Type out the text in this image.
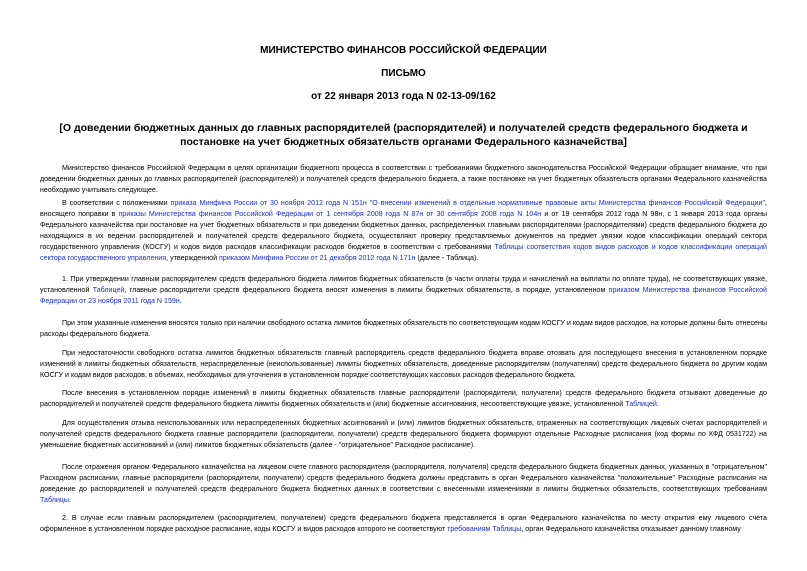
МИНИСТЕРСТВО ФИНАНСОВ РОССИЙСКОЙ ФЕДЕРАЦИИ
ПИСЬМО
от 22 января 2013 года N 02-13-09/162
[О доведении бюджетных данных до главных распорядителей (распорядителей) и получателей средств федерального бюджета и постановке на учет бюджетных обязательств органами Федерального казначейства]
Министерство финансов Российской Федерации в целях организации бюджетного процесса в соответствии с требованиями бюджетного законодательства Российской Федерации обращает внимание, что при доведении бюджетных данных до главных распорядителей (распорядителей) и получателей средств федерального бюджета, а также постановке на учет бюджетных обязательств органами Федерального казначейства необходимо учитывать следующее.
В соответствии с положениями приказа Минфина России от 30 ноября 2012 года N 151н "О внесении изменений в отдельные нормативные правовые акты Министерства финансов Российской Федерации", вносящего поправки в приказы Министерства финансов Российской Федерации от 1 сентября 2008 года N 87н от 30 сентября 2008 года N 104н и от 19 сентября 2012 года N 98н, с 1 января 2013 года органы Федерального казначейства при постановке на учет бюджетных обязательств и при доведении бюджетных данных, распределенных главными распорядителями (распорядителями) средств федерального бюджета до находящихся в их ведении распорядителей и получателей средств федерального бюджета, осуществляют проверку представляемых документов на предмет увязки кодов классификации операций сектора государственного управления (КОСГУ) и кодов видов расходов классификации расходов бюджетов в соответствии с требованиями Таблицы соответствия кодов видов расходов и кодов классификации операций сектора государственного управления, утвержденной приказом Минфина России от 21 декабря 2012 года N 171н (далее - Таблица).
1. При утверждении главным распорядителем средств федерального бюджета лимитов бюджетных обязательств (в части оплаты труда и начислений на выплаты по оплате труда), не соответствующих увязке, установленной Таблицей, главные распорядители средств федерального бюджета вносят изменения в лимиты бюджетных обязательств, в порядке, установленном приказом Министерства финансов Российской Федерации от 23 ноября 2011 года N 159н.
При этом указанные изменения вносятся только при наличии свободного остатка лимитов бюджетных обязательств по соответствующим кодам КОСГУ и кодам видов расходов, на которые должны быть отнесены расходы федерального бюджета.
При недостаточности свободного остатка лимитов бюджетных обязательств главный распорядитель средств федерального бюджета вправе отозвать для последующего внесения в установленном порядке изменений в лимиты бюджетных обязательств, нераспределенные (неиспользованные) лимиты бюджетных обязательств, доведенные распорядителям (получателям) средств федерального бюджета по другим кодам КОСГУ и кодам видов расходов, в объемах, необходимых для уточнения в установленном порядке соответствующих кассовых расходов федерального бюджета.
После внесения в установленном порядке изменений в лимиты бюджетных обязательств главные распорядители (распорядители, получатели) средств федерального бюджета отзывают доведенные до распорядителей и получателей средств федерального бюджета лимиты бюджетных обязательств и (или) бюджетные ассигнования, несоответствующие увязке, установленной Таблицей.
Для осуществления отзыва неиспользованных или нераспределенных бюджетных ассигнований и (или) лимитов бюджетных обязательств, отраженных на соответствующих лицевых счетах распорядителей и получателей средств федерального бюджета главные распорядители (распорядители, получатели) средств федерального бюджета формируют отдельные Расходные расписания (код формы по КФД 0531722) на уменьшение бюджетных ассигнований и (или) лимитов бюджетных обязательств (далее - "отрицательное" Расходное расписание).
После отражения органом Федерального казначейства на лицевом счете главного распорядителя (распорядителя, получателя) средств федерального бюджета бюджетных данных, указанных в "отрицательном" Расходном расписании, главные распорядители (распорядители, получатели) средств федерального бюджета должны представить в орган Федерального казначейства "положительные" Расходные расписания на доведение до распорядителей и получателей средств федерального бюджета бюджетных данных в соответствии с внесенными изменениями в лимиты бюджетных обязательств, соответствующих требованиям Таблицы.
2. В случае если главным распорядителем (распорядителем, получателем) средств федерального бюджета представляется в орган Федерального казначейства по месту открытия ему лицевого счета оформленное в установленном порядке расходное расписание, коды КОСГУ и видов расходов которого не соответствуют требованиям Таблицы, орган Федерального казначейства отказывает данному главному
